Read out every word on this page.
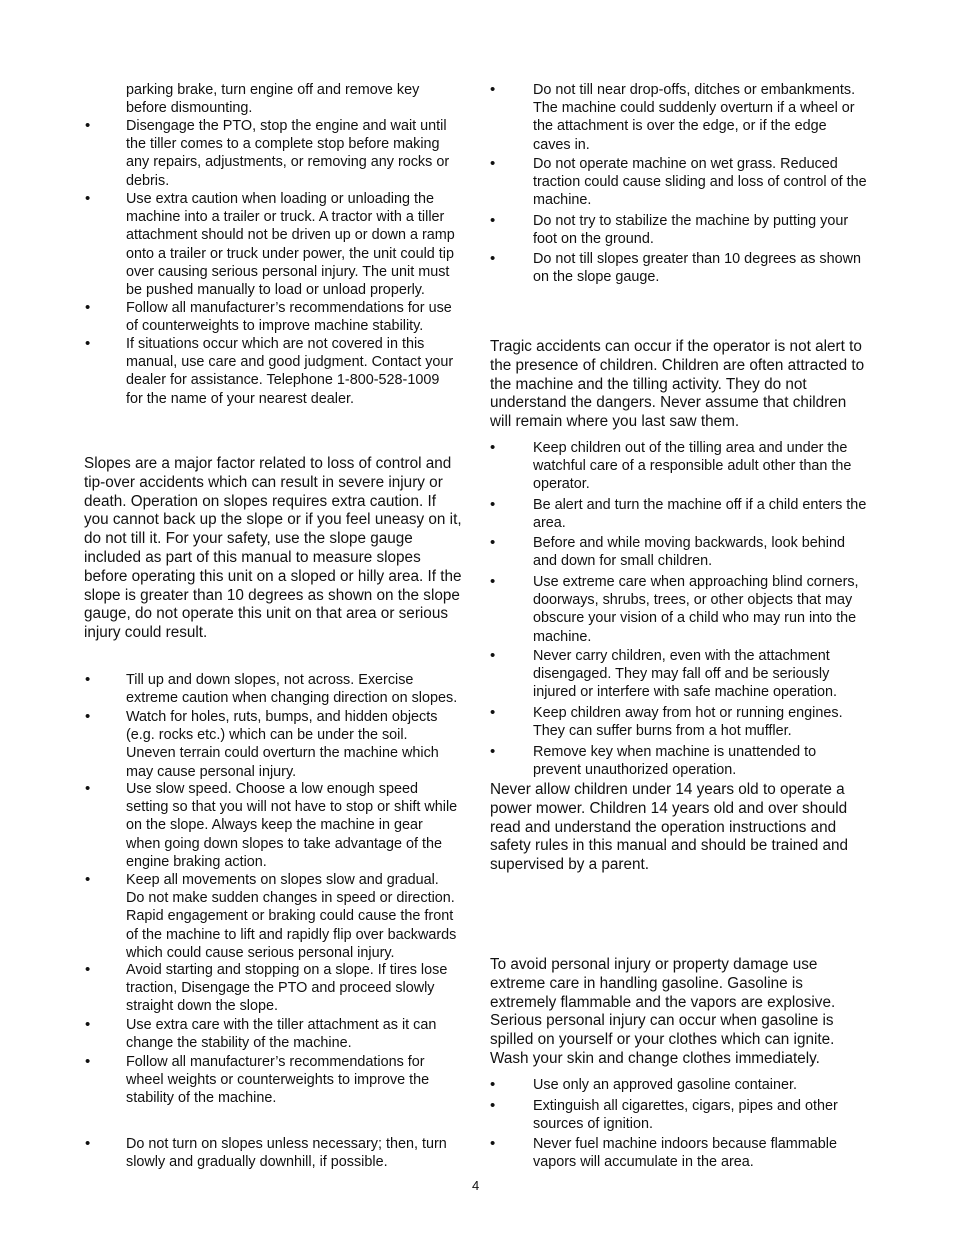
parking brake, turn engine off and remove key
before dismounting.
• Disengage the PTO, stop the engine and wait until
the tiller comes to a complete stop before making
any repairs, adjustments, or removing any rocks or
debris.
• Use extra caution when loading or unloading the
machine into a trailer or truck. A tractor with a tiller
attachment should not be driven up or down a ramp
onto a trailer or truck under power, the unit could tip
over causing serious personal injury. The unit must
be pushed manually to load or unload properly.
• Follow all manufacturer’s recommendations for use
of counterweights to improve machine stability.
• If situations occur which are not covered in this
manual, use care and good judgment. Contact your
dealer for assistance. Telephone 1-800-528-1009
for the name of your nearest dealer.
Slopes are a major factor related to loss of control and
tip-over accidents which can result in severe injury or
death. Operation on slopes requires extra caution. If
you cannot back up the slope or if you feel uneasy on it,
do not till it. For your safety, use the slope gauge
included as part of this manual to measure slopes
before operating this unit on a sloped or hilly area. If the
slope is greater than 10 degrees as shown on the slope
gauge, do not operate this unit on that area or serious
injury could result.
• Till up and down slopes, not across. Exercise
extreme caution when changing direction on slopes.
• Watch for holes, ruts, bumps, and hidden objects
(e.g. rocks etc.) which can be under the soil.
Uneven terrain could overturn the machine which
may cause personal injury.
• Use slow speed. Choose a low enough speed
setting so that you will not have to stop or shift while
on the slope. Always keep the machine in gear
when going down slopes to take advantage of the
engine braking action.
• Keep all movements on slopes slow and gradual.
Do not make sudden changes in speed or direction.
Rapid engagement or braking could cause the front
of the machine to lift and rapidly flip over backwards
which could cause serious personal injury.
• Avoid starting and stopping on a slope. If tires lose
traction, Disengage the PTO and proceed slowly
straight down the slope.
• Use extra care with the tiller attachment as it can
change the stability of the machine.
• Follow all manufacturer’s recommendations for
wheel weights or counterweights to improve the
stability of the machine.
• Do not turn on slopes unless necessary; then, turn
slowly and gradually downhill, if possible.
•	Do not till near drop-offs, ditches or embankments.
The machine could suddenly overturn if a wheel or
the attachment is over the edge, or if the edge
caves in.
•	Do not operate machine on wet grass. Reduced
traction could cause sliding and loss of control of the
machine.
•	Do not try to stabilize the machine by putting your
foot on the ground.
•	Do not till slopes greater than 10 degrees as shown
on the slope gauge.
Tragic accidents can occur if the operator is not alert to
the presence of children. Children are often attracted to
the machine and the tilling activity. They do not
understand the dangers. Never assume that children
will remain where you last saw them.
•	Keep children out of the tilling area and under the
watchful care of a responsible adult other than the
operator.
•	Be alert and turn the machine off if a child enters the
area.
•	Before and while moving backwards, look behind
and down for small children.
•	Use extreme care when approaching blind corners,
doorways, shrubs, trees, or other objects that may
obscure your vision of a child who may run into the
machine.
•	Never carry children, even with the attachment
disengaged. They may fall off and be seriously
injured or interfere with safe machine operation.
•	Keep children away from hot or running engines.
They can suffer burns from a hot muffler.
•	Remove key when machine is unattended to
prevent unauthorized operation.
Never allow children under 14 years old to operate a
power mower. Children 14 years old and over should
read and understand the operation instructions and
safety rules in this manual and should be trained and
supervised by a parent.
To avoid personal injury or property damage use
extreme care in handling gasoline. Gasoline is
extremely flammable and the vapors are explosive.
Serious personal injury can occur when gasoline is
spilled on yourself or your clothes which can ignite.
Wash your skin and change clothes immediately.
•	Use only an approved gasoline container.
•	Extinguish all cigarettes, cigars, pipes and other
sources of ignition.
•	Never fuel machine indoors because flammable
vapors will accumulate in the area.
4
